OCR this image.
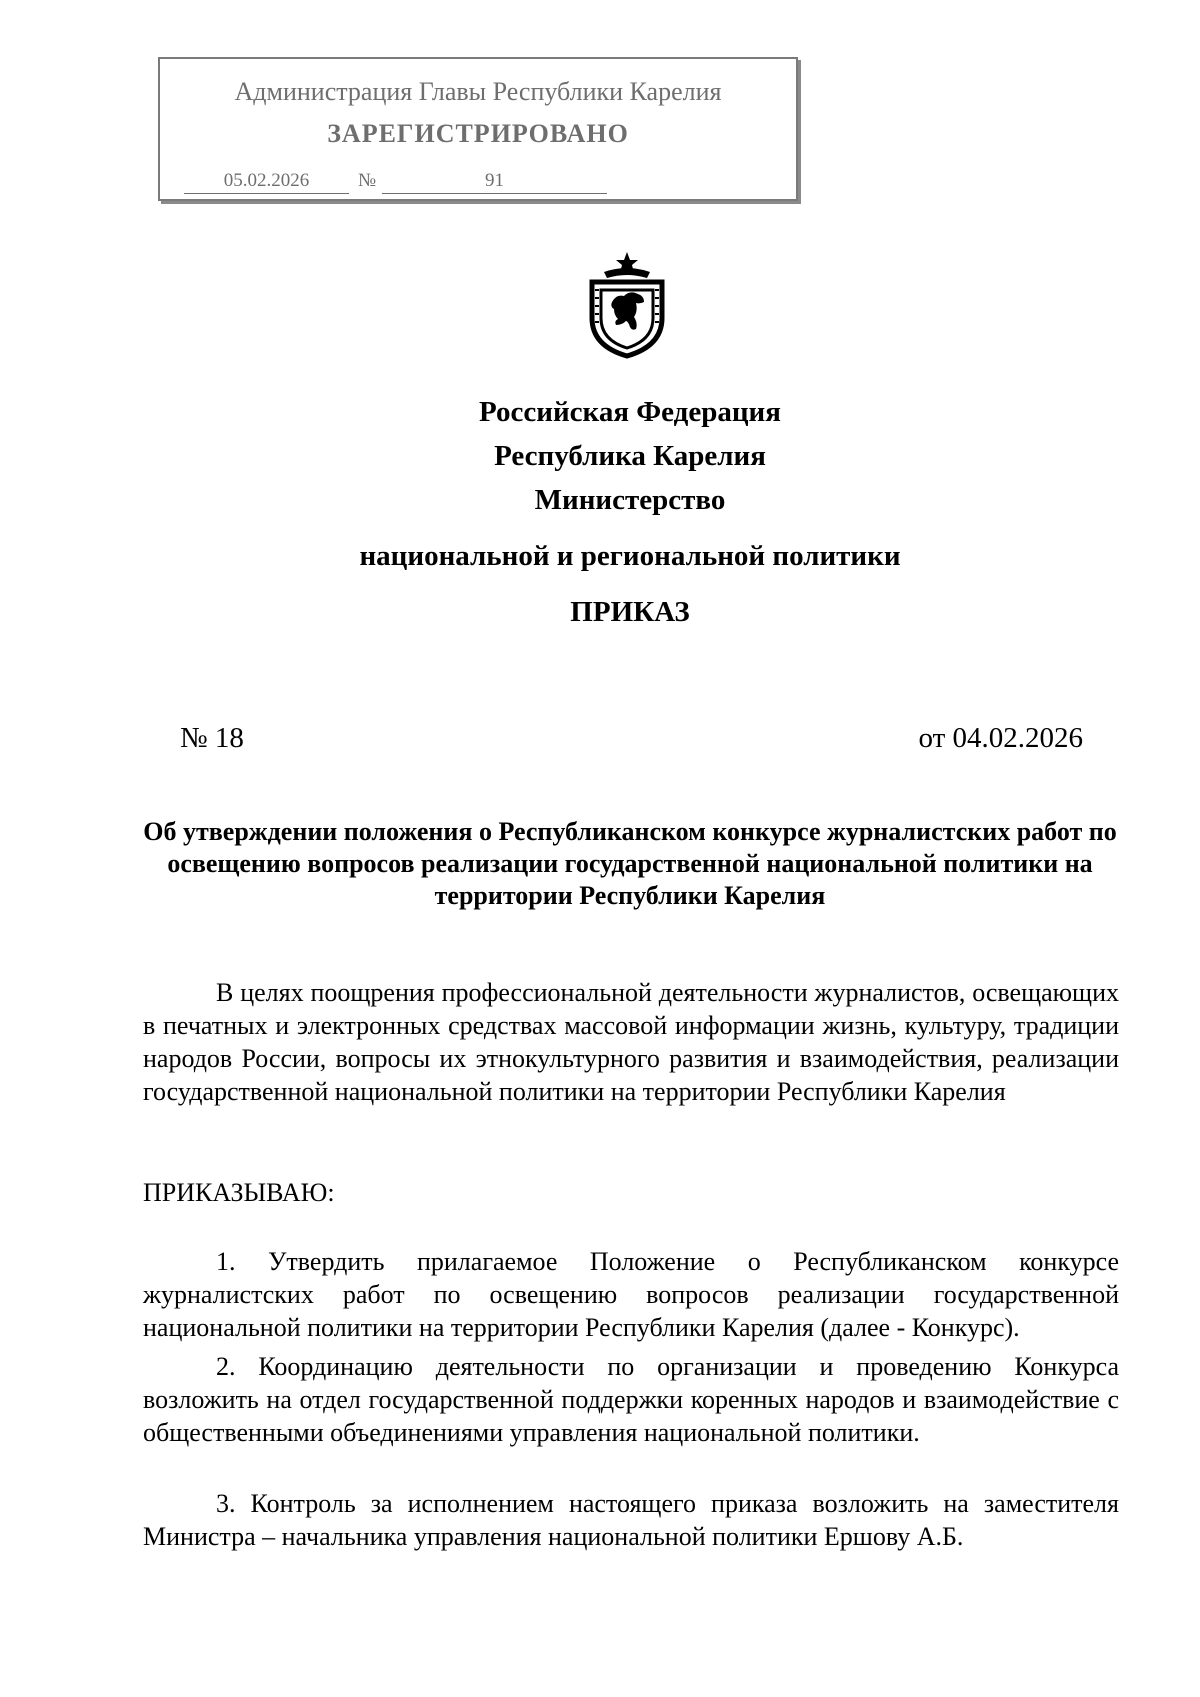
Администрация Главы Республики Карелия
ЗАРЕГИСТРИРОВАНО
05.02.2026	№	91
Российская Федерация
Республика Карелия
Министерство
национальной и региональной политики
ПРИКАЗ
№ 18	от 04.02.2026
Об утверждении положения о Республиканском конкурсе журналистских работ по освещению вопросов реализации государственной национальной политики на территории Республики Карелия
В целях поощрения профессиональной деятельности журналистов, освещающих в печатных и электронных средствах массовой информации жизнь, культуру, традиции народов России, вопросы их этнокультурного развития и взаимодействия, реализации государственной национальной политики на территории Республики Карелия
ПРИКАЗЫВАЮ:
1. Утвердить прилагаемое Положение о Республиканском конкурсе журналистских работ по освещению вопросов реализации государственной национальной политики на территории Республики Карелия (далее - Конкурс).
2. Координацию деятельности по организации и проведению Конкурса возложить на отдел государственной поддержки коренных народов и взаимодействие с общественными объединениями управления национальной политики.
3. Контроль за исполнением настоящего приказа возложить на заместителя Министра – начальника управления национальной политики Ершову А.Б.
